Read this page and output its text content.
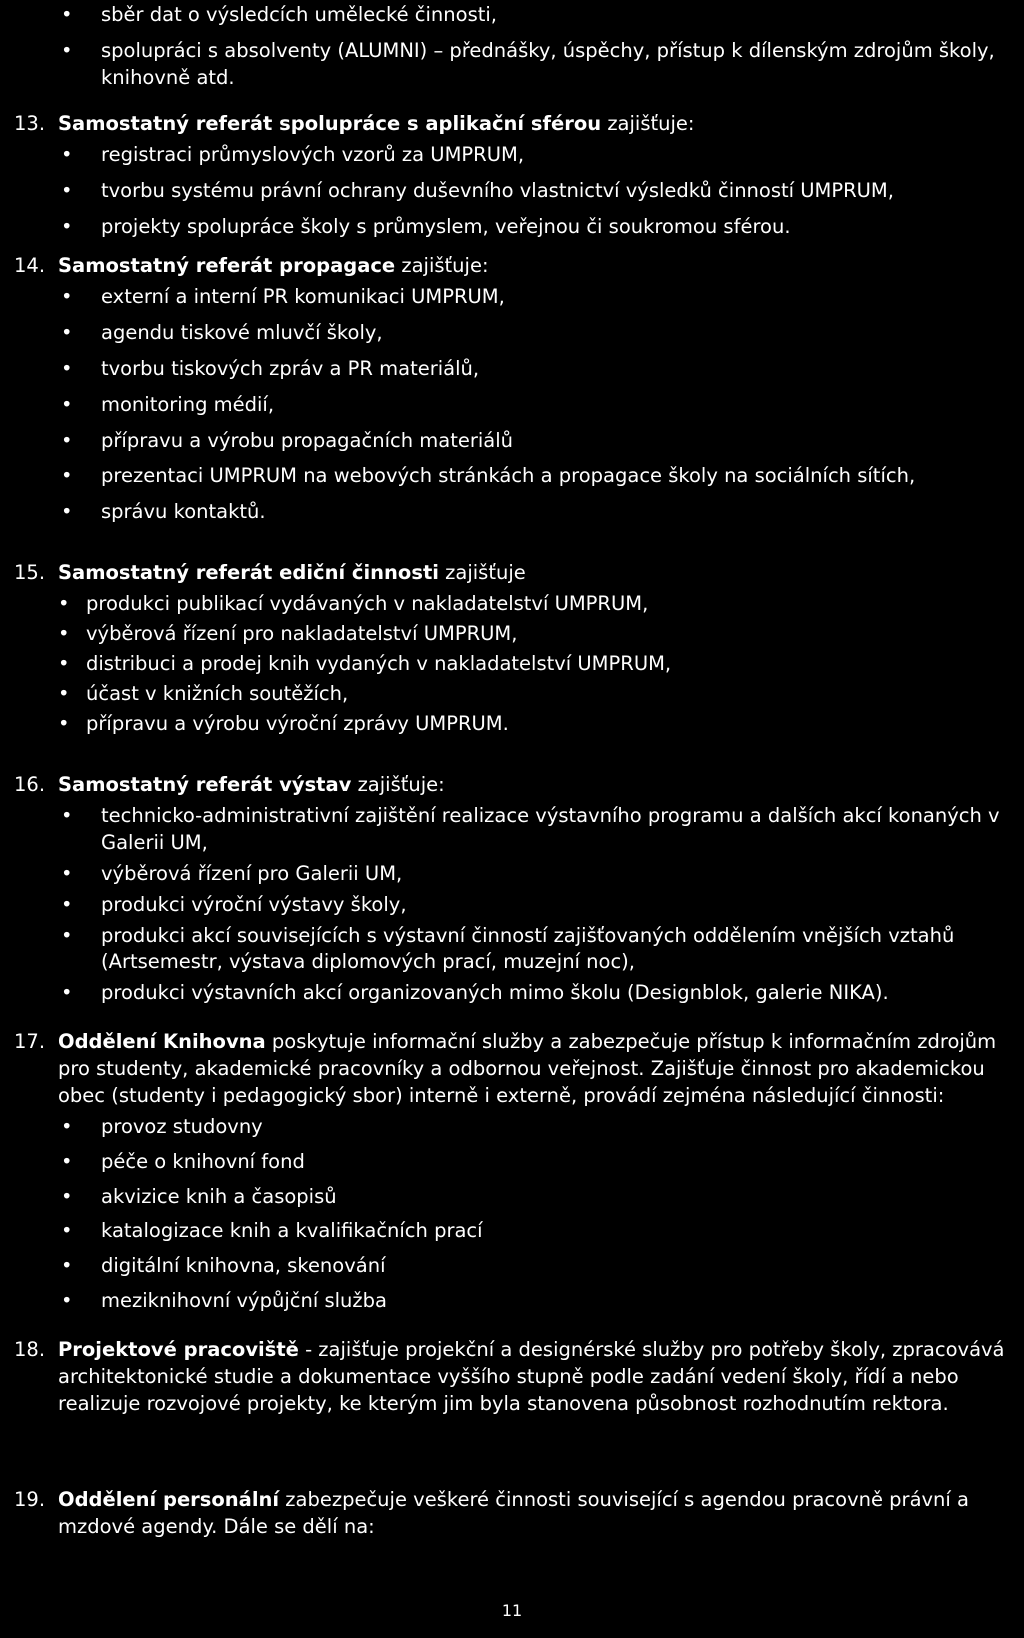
• sběr dat o výsledcích umělecké činnosti,
• spolupráci s absolventy (ALUMNI) – přednášky, úspěchy, přístup k dílenským zdrojům školy, knihovně atd.
13. Samostatný referát spolupráce s aplikační sférou zajišťuje:
• registraci průmyslových vzorů za UMPRUM,
• tvorbu systému právní ochrany duševního vlastnictví výsledků činností UMPRUM,
• projekty spolupráce školy s průmyslem, veřejnou či soukromou sférou.
14. Samostatný referát propagace zajišťuje:
• externí a interní PR komunikaci UMPRUM,
• agendu tiskové mluvčí školy,
• tvorbu tiskových zpráv a PR materiálů,
• monitoring médií,
• přípravu a výrobu propagačních materiálů
• prezentaci UMPRUM na webových stránkách a propagace školy na sociálních sítích,
• správu kontaktů.
15. Samostatný referát ediční činnosti zajišťuje
• produkci publikací vydávaných v nakladatelství UMPRUM,
• výběrová řízení pro nakladatelství UMPRUM,
• distribuci a prodej knih vydaných v nakladatelství UMPRUM,
• účast v knižních soutěžích,
• přípravu a výrobu výroční zprávy UMPRUM.
16. Samostatný referát výstav zajišťuje:
• technicko-administrativní zajištění realizace výstavního programu a dalších akcí konaných v Galerii UM,
• výběrová řízení pro Galerii UM,
• produkci výroční výstavy školy,
• produkci akcí souvisejících s výstavní činností zajišťovaných oddělením vnějších vztahů (Artsemestr, výstava diplomových prací, muzejní noc),
• produkci výstavních akcí organizovaných mimo školu (Designblok, galerie NIKA).
17. Oddělení Knihovna poskytuje informační služby a zabezpečuje přístup k informačním zdrojům pro studenty, akademické pracovníky a odbornou veřejnost. Zajišťuje činnost pro akademickou obec (studenty i pedagogický sbor) interně i externě, provádí zejména následující činnosti:
• provoz studovny
• péče o knihovní fond
• akvizice knih a časopisů
• katalogizace knih a kvalifikačních prací
• digitální knihovna, skenování
• meziknihovní výpůjční služba
18. Projektové pracoviště - zajišťuje projekční a designérské služby pro potřeby školy, zpracovává architektonické studie a dokumentace vyššího stupně podle zadání vedení školy, řídí a nebo realizuje rozvojové projekty, ke kterým jim byla stanovena působnost rozhodnutím rektora.
19. Oddělení personální zabezpečuje veškeré činnosti související s agendou pracovně právní a mzdové agendy. Dále se dělí na:
11
